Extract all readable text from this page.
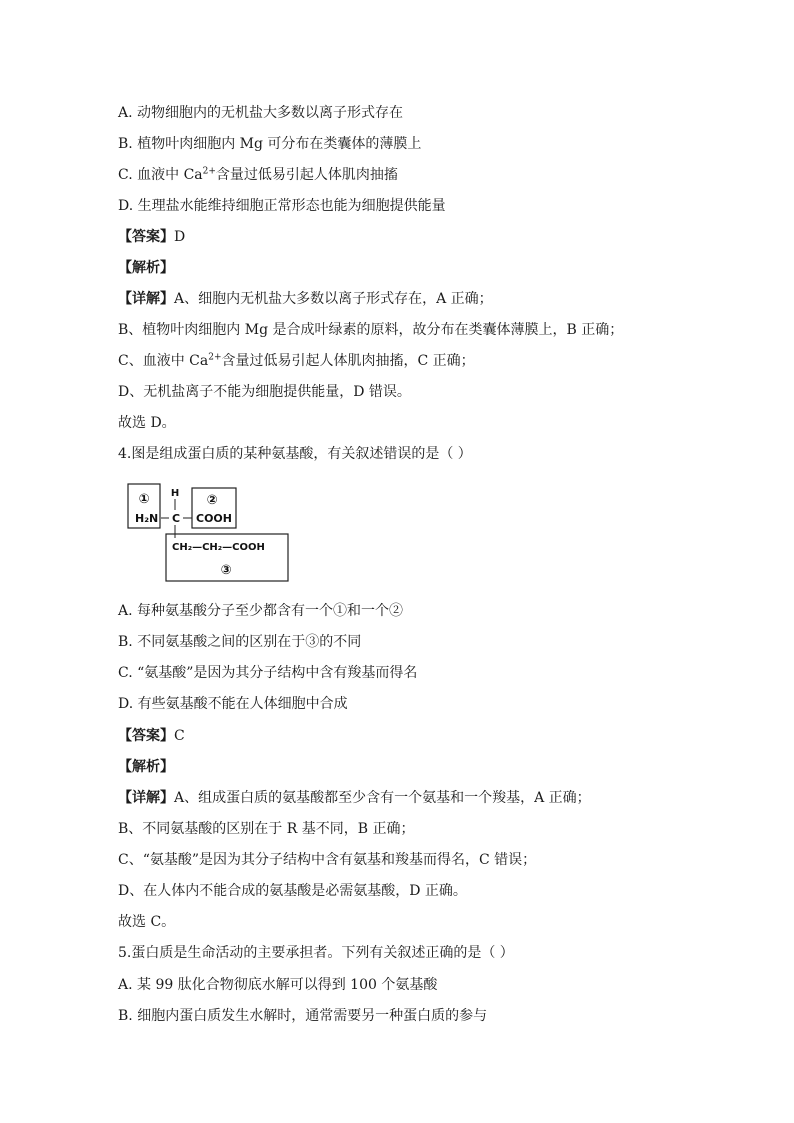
A. 动物细胞内的无机盐大多数以离子形式存在
B. 植物叶肉细胞内 Mg 可分布在类囊体的薄膜上
C. 血液中 $Ca^{2+}$含量过低易引起人体肌肉抽搐
D. 生理盐水能维持细胞正常形态也能为细胞提供能量
【答案】D
【解析】
【详解】A、细胞内无机盐大多数以离子形式存在，A 正确；
B、植物叶肉细胞内 Mg 是合成叶绿素的原料，故分布在类囊体薄膜上，B 正确；
C、血液中 $Ca^{2+}$含量过低易引起人体肌肉抽搐，C 正确；
D、无机盐离子不能为细胞提供能量，D 错误。
故选 D。
4.图是组成蛋白质的某种氨基酸，有关叙述错误的是（ ）
①
H₂N
H
C
②
COOH
CH₂—CH₂—COOH
③
A. 每种氨基酸分子至少都含有一个①和一个②
B. 不同氨基酸之间的区别在于③的不同
C. “氨基酸”是因为其分子结构中含有羧基而得名
D. 有些氨基酸不能在人体细胞中合成
【答案】C
【解析】
【详解】A、组成蛋白质的氨基酸都至少含有一个氨基和一个羧基，A 正确；
B、不同氨基酸的区别在于 R 基不同，B 正确；
C、“氨基酸”是因为其分子结构中含有氨基和羧基而得名，C 错误；
D、在人体内不能合成的氨基酸是必需氨基酸，D 正确。
故选 C。
5.蛋白质是生命活动的主要承担者。下列有关叙述正确的是（ ）
A. 某 99 肽化合物彻底水解可以得到 100 个氨基酸
B. 细胞内蛋白质发生水解时，通常需要另一种蛋白质的参与
